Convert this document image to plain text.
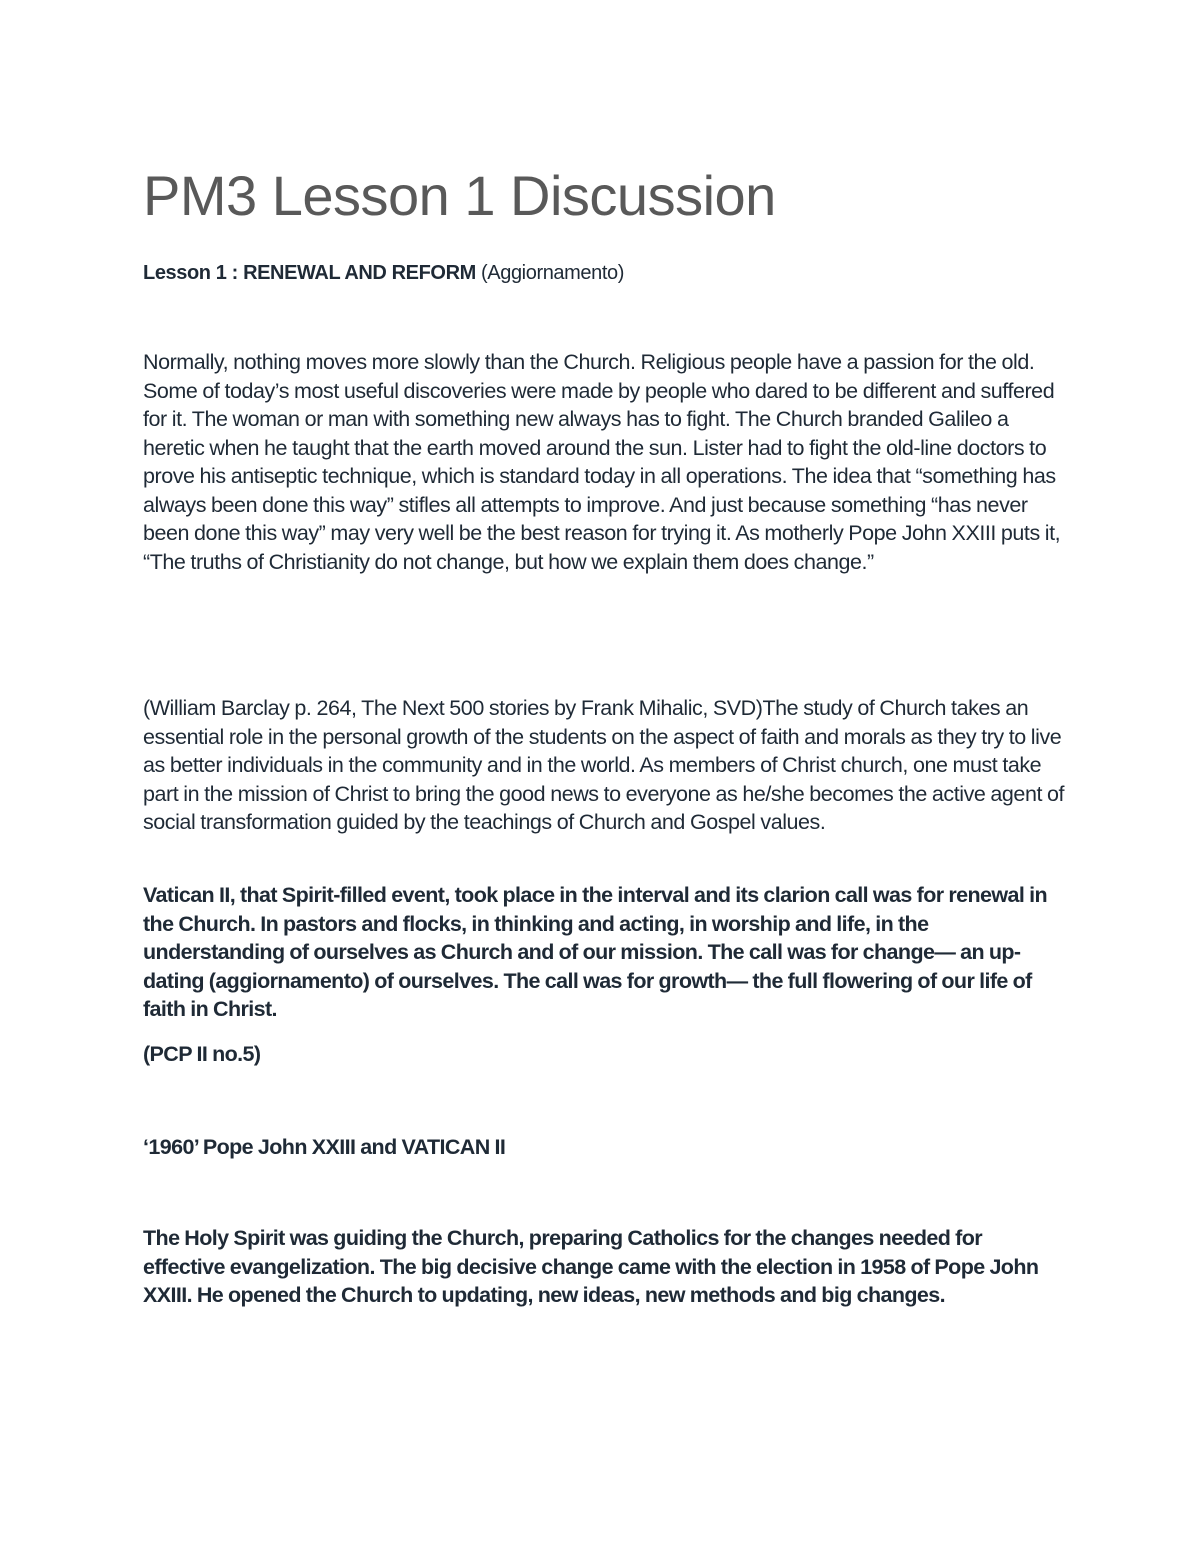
PM3 Lesson 1 Discussion
Lesson 1 : RENEWAL AND REFORM (Aggiornamento)

Normally, nothing moves more slowly than the Church. Religious people have a passion for the old. Some of today’s most useful discoveries were made by people who dared to be different and suffered for it. The woman or man with something new always has to fight. The Church branded Galileo a heretic when he taught that the earth moved around the sun. Lister had to fight the old-line doctors to prove his antiseptic technique, which is standard today in all operations. The idea that “something has always been done this way” stifles all attempts to improve. And just because something “has never been done this way” may very well be the best reason for trying it. As motherly Pope John XXIII puts it, “The truths of Christianity do not change, but how we explain them does change.”

(William Barclay p. 264, The Next 500 stories by Frank Mihalic, SVD)The study of Church takes an essential role in the personal growth of the students on the aspect of faith and morals as they try to live as better individuals in the community and in the world. As members of Christ church, one must take part in the mission of Christ to bring the good news to everyone as he/she becomes the active agent of social transformation guided by the teachings of Church and Gospel values.

Vatican II, that Spirit-filled event, took place in the interval and its clarion call was for renewal in the Church. In pastors and flocks, in thinking and acting, in worship and life, in the understanding of ourselves as Church and of our mission. The call was for change— an up-dating (aggiornamento) of ourselves. The call was for growth— the full flowering of our life of faith in Christ.

(PCP II no.5)

‘1960’ Pope John XXIII and VATICAN II

The Holy Spirit was guiding the Church, preparing Catholics for the changes needed for effective evangelization. The big decisive change came with the election in 1958 of Pope John XXIII. He opened the Church to updating, new ideas, new methods and big changes.
